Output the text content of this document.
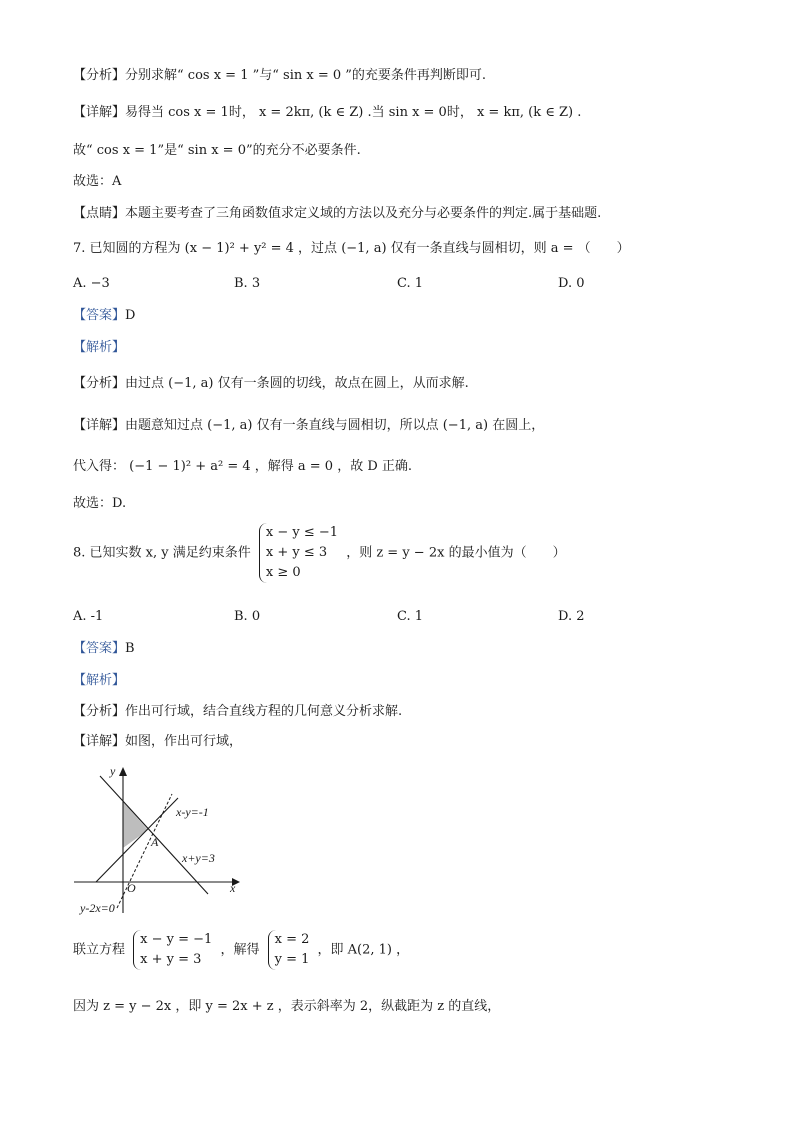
【分析】分别求解“ cos x = 1 ”与“ sin x = 0 ”的充要条件再判断即可.
【详解】易得当 cos x = 1时， x = 2kπ, (k ∈ Z) .当 sin x = 0时， x = kπ, (k ∈ Z) .
故“ cos x = 1”是“ sin x = 0”的充分不必要条件.
故选：A
【点睛】本题主要考查了三角函数值求定义域的方法以及充分与必要条件的判定.属于基础题.
7. 已知圆的方程为 (x − 1)² + y² = 4 ，过点 (−1, a) 仅有一条直线与圆相切，则 a = （　　）
A. −3	B. 3	C. 1	D. 0
【答案】D
【解析】
【分析】由过点 (−1, a) 仅有一条圆的切线，故点在圆上，从而求解.
【详解】由题意知过点 (−1, a) 仅有一条直线与圆相切，所以点 (−1, a) 在圆上，
代入得： (−1 − 1)² + a² = 4 ，解得 a = 0 ，故 D 正确.
故选：D.
8. 已知实数 x, y 满足约束条件
x − y ≤ −1
x + y ≤ 3
x ≥ 0
，则 z = y − 2x 的最小值为（　　）
A. -1	B. 0	C. 1	D. 2
【答案】B
【解析】
【分析】作出可行域，结合直线方程的几何意义分析求解.
【详解】如图，作出可行域，
y
x
O
A
x-y=-1
x+y=3
y-2x=0
联立方程
x − y = −1
x + y = 3
，解得
x = 2
y = 1
，即 A(2, 1) ，
因为 z = y − 2x ，即 y = 2x + z ，表示斜率为 2，纵截距为 z 的直线，
